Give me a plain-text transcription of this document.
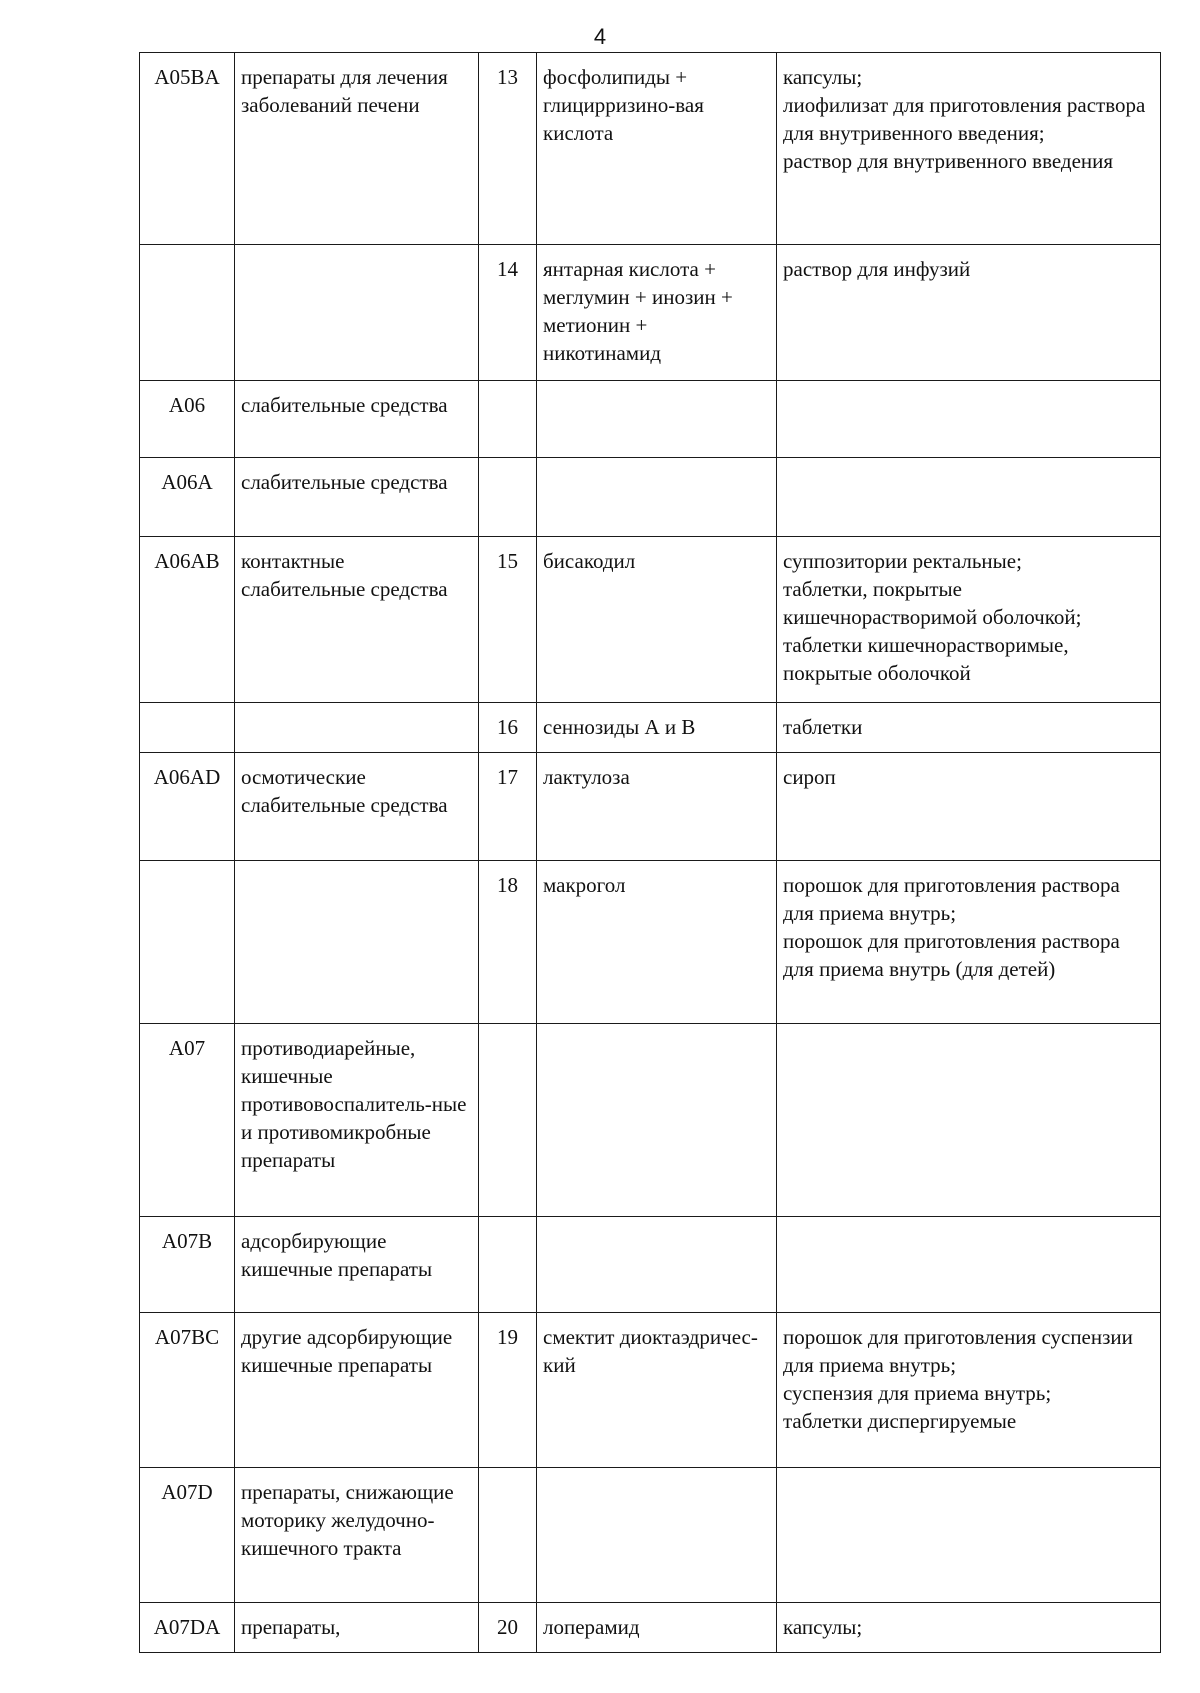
4
A05BA	препараты для лечения заболеваний печени	13	фосфолипиды + глицирризино-вая кислота	капсулы;
лиофилизат для приготовления раствора для внутривенного введения;
раствор для внутривенного введения
		14	янтарная кислота + меглумин + инозин + метионин + никотинамид	раствор для инфузий
A06	слабительные средства			
A06A	слабительные средства			
A06AB	контактные слабительные средства	15	бисакодил	суппозитории ректальные;
таблетки, покрытые кишечнорастворимой оболочкой;
таблетки кишечнорастворимые, покрытые оболочкой
		16	сеннозиды А и В	таблетки
A06AD	осмотические слабительные средства	17	лактулоза	сироп
		18	макрогол	порошок для приготовления раствора для приема внутрь;
порошок для приготовления раствора для приема внутрь (для детей)
A07	противодиарейные, кишечные противовоспалитель-ные и противомикробные препараты			
A07B	адсорбирующие кишечные препараты			
A07BC	другие адсорбирующие кишечные препараты	19	смектит диоктаэдричес-кий	порошок для приготовления суспензии для приема внутрь;
суспензия для приема внутрь;
таблетки диспергируемые
A07D	препараты, снижающие моторику желудочно-кишечного тракта			
A07DA	препараты,	20	лоперамид	капсулы;
